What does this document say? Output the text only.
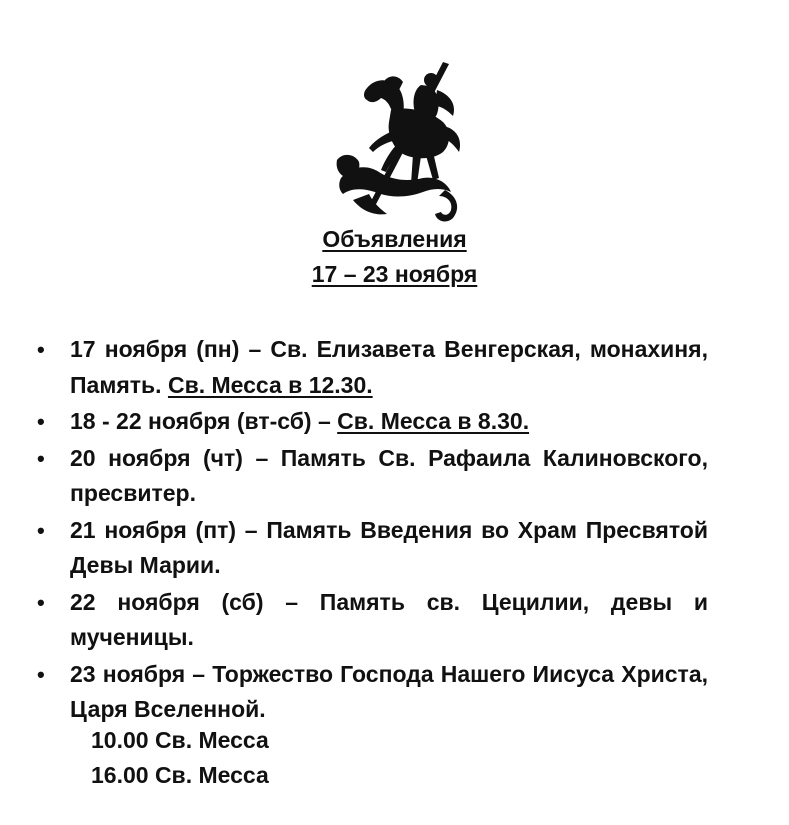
Объявления
17 – 23 ноября
• 17 ноября (пн) – Св. Елизавета Венгерская, монахиня, Память. Св. Месса в 12.30.
• 18 - 22 ноября (вт-сб) – Св. Месса в 8.30.
• 20 ноября (чт) – Память Св. Рафаила Калиновского, пресвитер.
• 21 ноября (пт) – Память Введения во Храм Пресвятой Девы Марии.
• 22 ноября (сб) – Память св. Цецилии, девы и мученицы.
• 23 ноября – Торжество Господа Нашего Иисуса Христа, Царя Вселенной.
10.00 Св. Месса
16.00 Св. Месса
